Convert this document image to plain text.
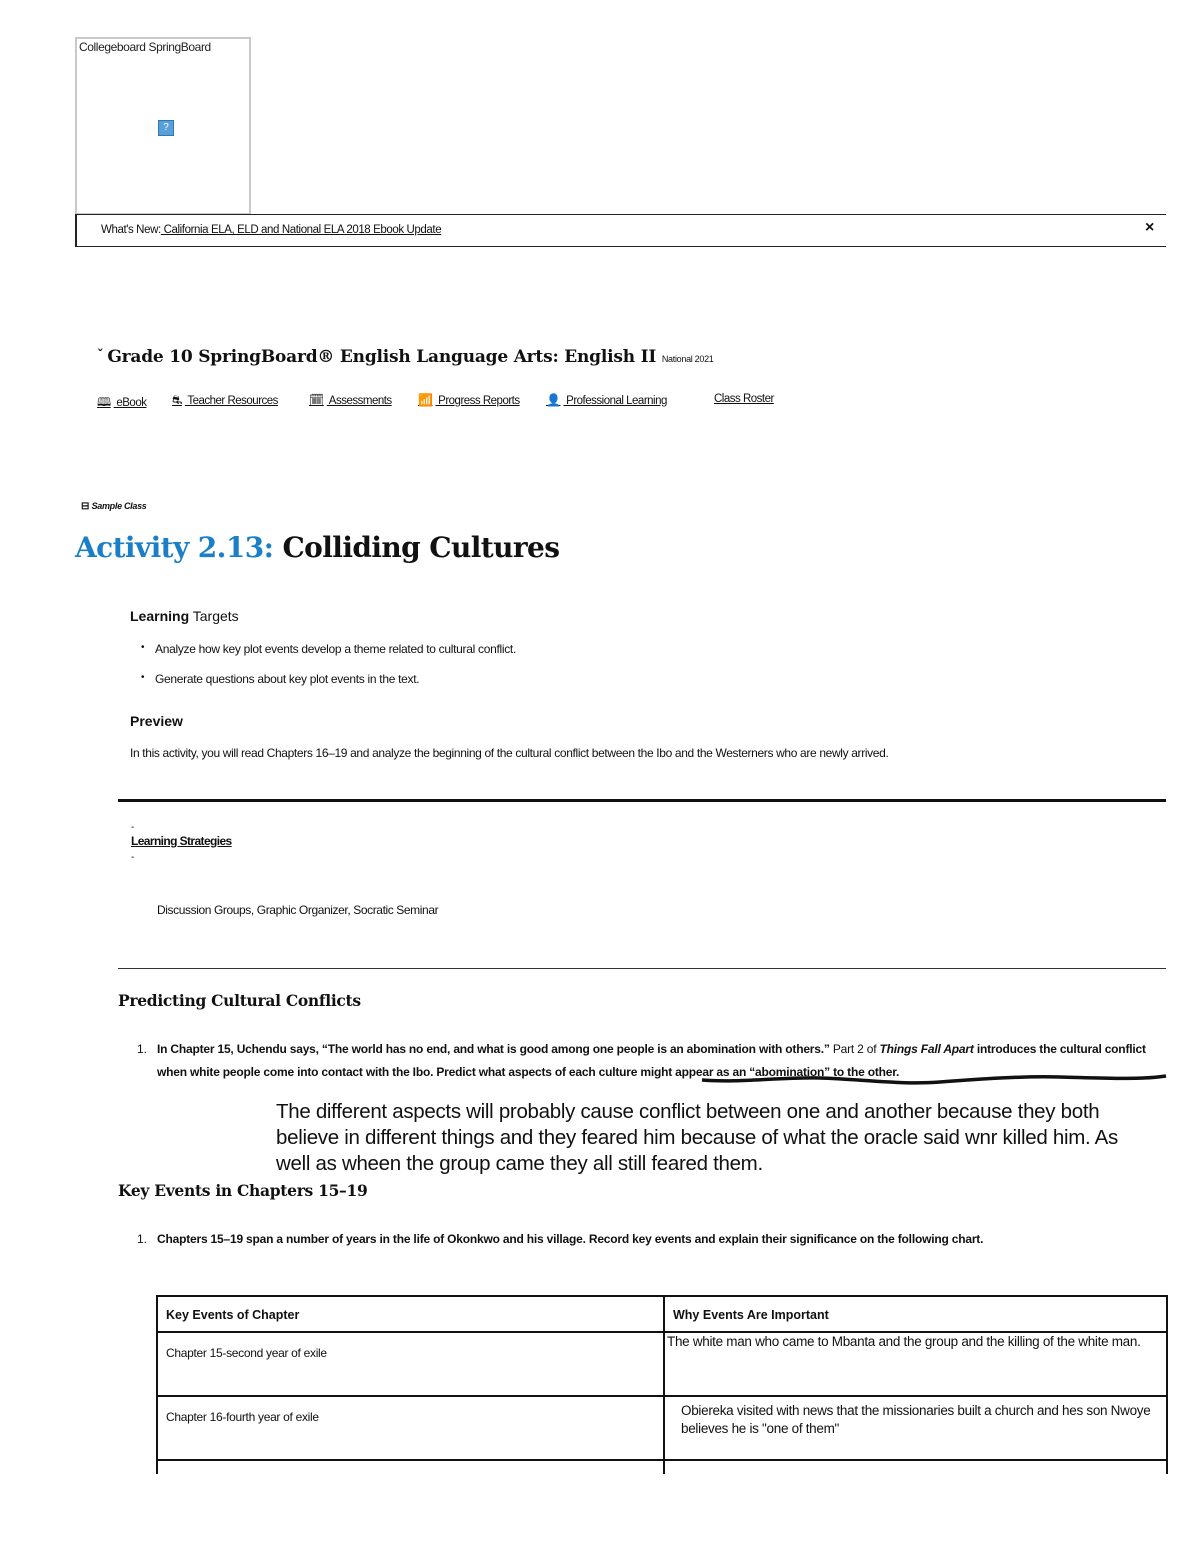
Collegeboard SpringBoard
?
What's New: California ELA, ELD and National ELA 2018 Ebook Update	×
ˇ Grade 10 SpringBoard® English Language Arts: English II National 2021
🕮 eBook ⛐ Teacher Resources	🗓 Assessments 📶 Progress Reports 👤 Professional Learning	Class Roster
⊟ Sample Class
Activity 2.13: Colliding Cultures
Learning Targets
• Analyze how key plot events develop a theme related to cultural conflict.
• Generate questions about key plot events in the text.
Preview
In this activity, you will read Chapters 16–19 and analyze the beginning of the cultural conflict between the Ibo and the Westerners who are newly arrived.
-
Learning Strategies
-
Discussion Groups, Graphic Organizer, Socratic Seminar
Predicting Cultural Conflicts
1. In Chapter 15, Uchendu says, “The world has no end, and what is good among one people is an abomination with others.” Part 2 of Things Fall Apart introduces the cultural conflict when white people come into contact with the Ibo. Predict what aspects of each culture might appear as an “abomination” to the other.
The different aspects will probably cause conflict between one and another because they both believe in different things and they feared him because of what the oracle said wnr killed him. As well as wheen the group came they all still feared them.
Key Events in Chapters 15–19
1. Chapters 15–19 span a number of years in the life of Okonkwo and his village. Record key events and explain their significance on the following chart.
Key Events of Chapter	Why Events Are Important
Chapter 15-second year of exile	The white man who came to Mbanta and the group and the killing of the white man.
Chapter 16-fourth year of exile	Obiereka visited with news that the missionaries built a church and hes son Nwoye believes he is "one of them"
